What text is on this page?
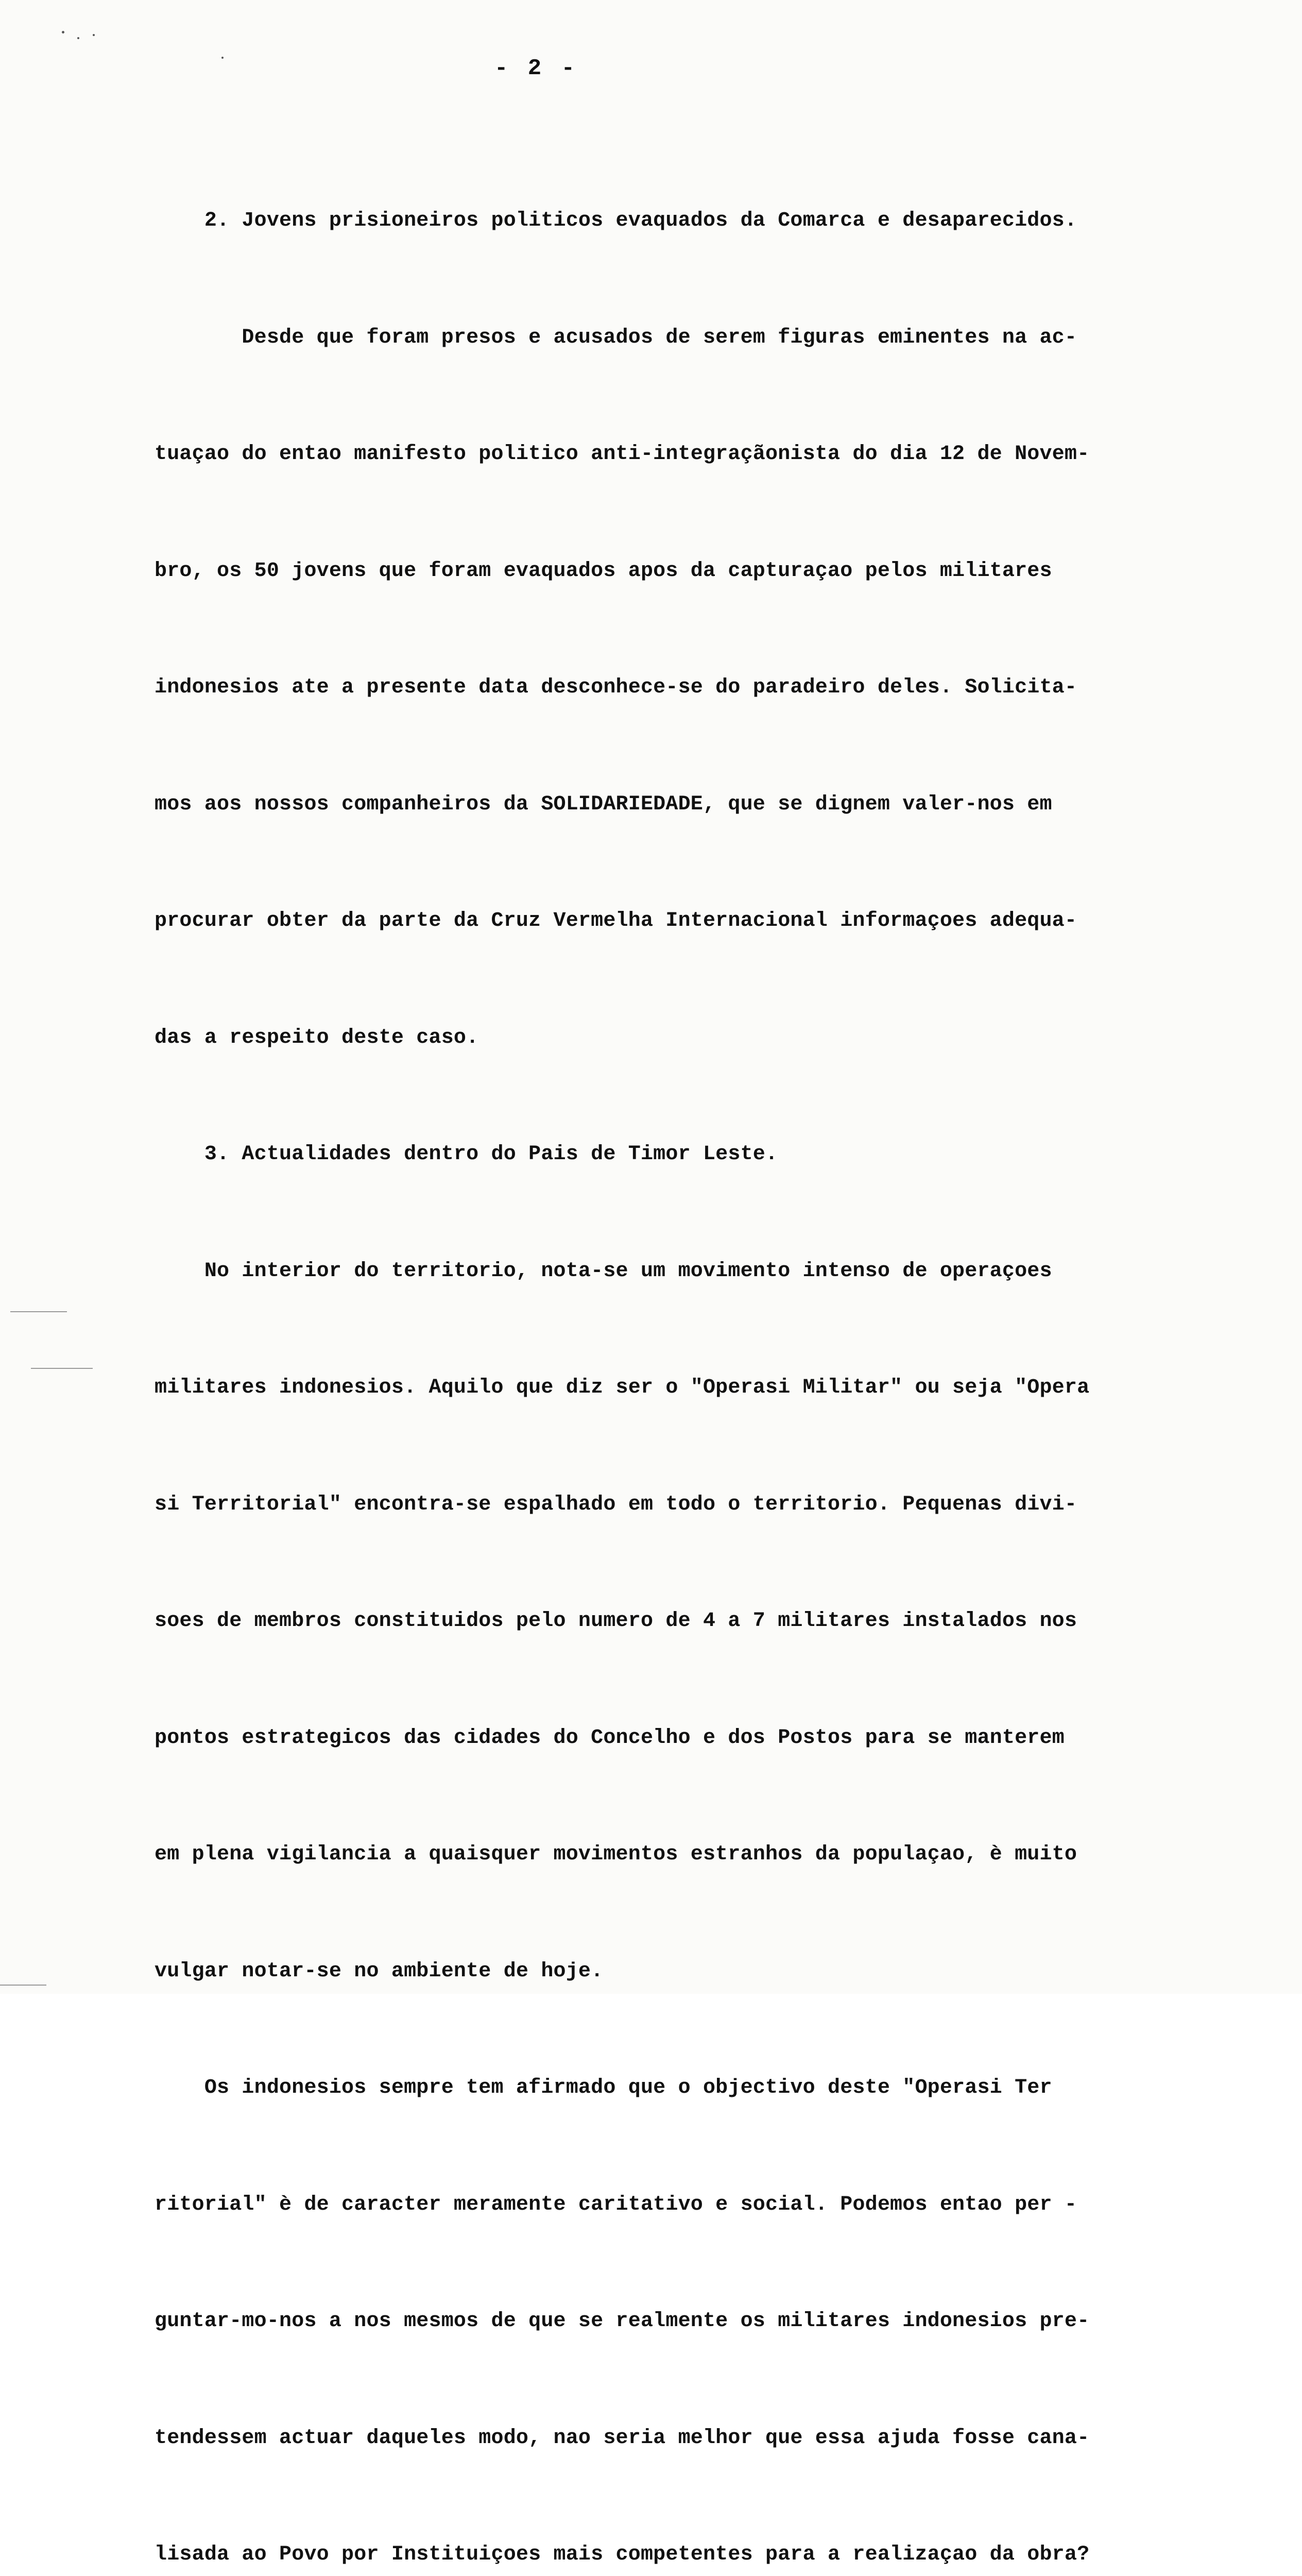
- 2 -

2. Jovens prisioneiros politicos evaquados da Comarca e desaparecidos.

Desde que foram presos e acusados de serem figuras eminentes na ac-

tuaçao do entao manifesto politico anti-integraçãonista do dia 12 de Novem-

bro, os 50 jovens que foram evaquados apos da capturaçao pelos militares

indonesios ate a presente data desconhece-se do paradeiro deles. Solicita-

mos aos nossos companheiros da SOLIDARIEDADE, que se dignem valer-nos em

procurar obter da parte da Cruz Vermelha Internacional informaçoes adequa-

das a respeito deste caso.

3. Actualidades dentro do Pais de Timor Leste.

No interior do territorio, nota-se um movimento intenso de operaçoes

militares indonesios. Aquilo que diz ser o "Operasi Militar" ou seja "Opera

si Territorial" encontra-se espalhado em todo o territorio. Pequenas divi-

soes de membros constituidos pelo numero de 4 a 7 militares instalados nos

pontos estrategicos das cidades do Concelho e dos Postos para se manterem

em plena vigilancia a quaisquer movimentos estranhos da populaçao, è muito

vulgar notar-se no ambiente de hoje.

Os indonesios sempre tem afirmado que o objectivo deste "Operasi Ter

ritorial" è de caracter meramente caritativo e social. Podemos entao per -

guntar-mo-nos a nos mesmos de que se realmente os militares indonesios pre-

tendessem actuar daqueles modo, nao seria melhor que essa ajuda fosse cana-

lisada ao Povo por Instituiçoes mais competentes para a realizaçao da obra?
